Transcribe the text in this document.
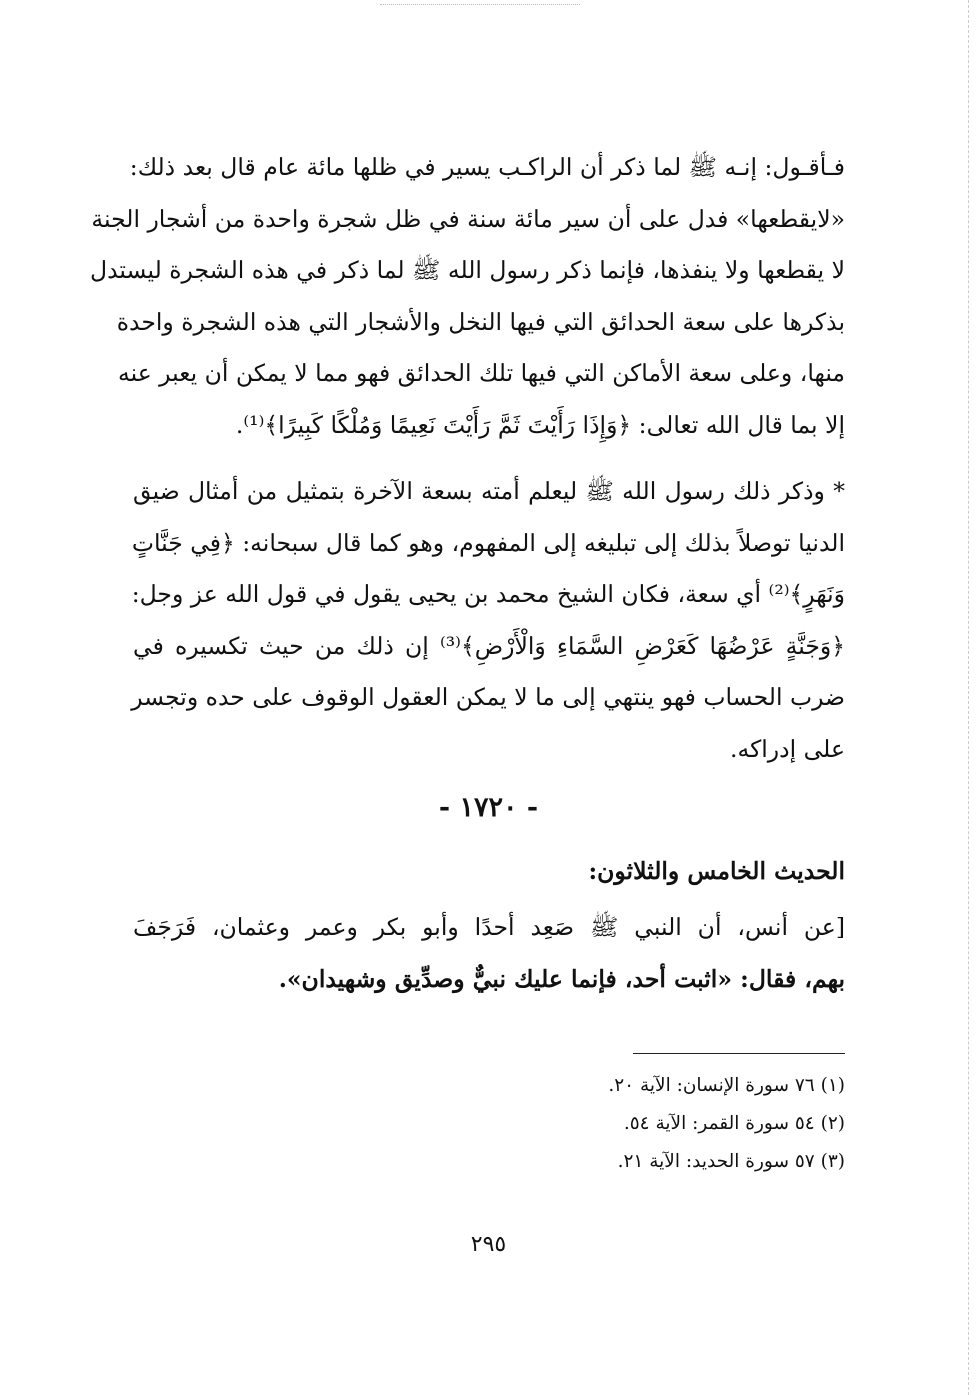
فـأقـول: إنـه ﷺ لما ذكر أن الراكـب يسير في ظلها مائة عام قال بعد ذلك:
«لايقطعها» فدل على أن سير مائة سنة في ظل شجرة واحدة من أشجار الجنة
لا يقطعها ولا ينفذها، فإنما ذكر رسول الله ﷺ لما ذكر في هذه الشجرة ليستدل
بذكرها على سعة الحدائق التي فيها النخل والأشجار التي هذه الشجرة واحدة
منها، وعلى سعة الأماكن التي فيها تلك الحدائق فهو مما لا يمكن أن يعبر عنه
إلا بما قال الله تعالى: ﴿وَإِذَا رَأَيْتَ ثَمَّ رَأَيْتَ نَعِيمًا وَمُلْكًا كَبِيرًا﴾⁽¹⁾.
* وذكر ذلك رسول الله ﷺ ليعلم أمته بسعة الآخرة بتمثيل من أمثال ضيق
الدنيا توصلاً بذلك إلى تبليغه إلى المفهوم، وهو كما قال سبحانه: ﴿فِي جَنَّاتٍ
وَنَهَرٍ﴾⁽²⁾ أي سعة، فكان الشيخ محمد بن يحيى يقول في قول الله عز وجل:
﴿وَجَنَّةٍ عَرْضُهَا كَعَرْضِ السَّمَاءِ وَالْأَرْضِ﴾⁽³⁾ إن ذلك من حيث تكسيره في
ضرب الحساب فهو ينتهي إلى ما لا يمكن العقول الوقوف على حده وتجسر
على إدراكه.
- ١٧٢٠ -
الحديث الخامس والثلاثون:
[عن أنس، أن النبي ﷺ صَعِد أحدًا وأبو بكر وعمر وعثمان، فَرَجَفَ
بهم، فقال: «اثبت أحد، فإنما عليك نبيٌّ وصدِّيق وشهيدان».
(١) ٧٦ سورة الإنسان: الآية ٢٠.
(٢) ٥٤ سورة القمر: الآية ٥٤.
(٣) ٥٧ سورة الحديد: الآية ٢١.
٢٩٥
